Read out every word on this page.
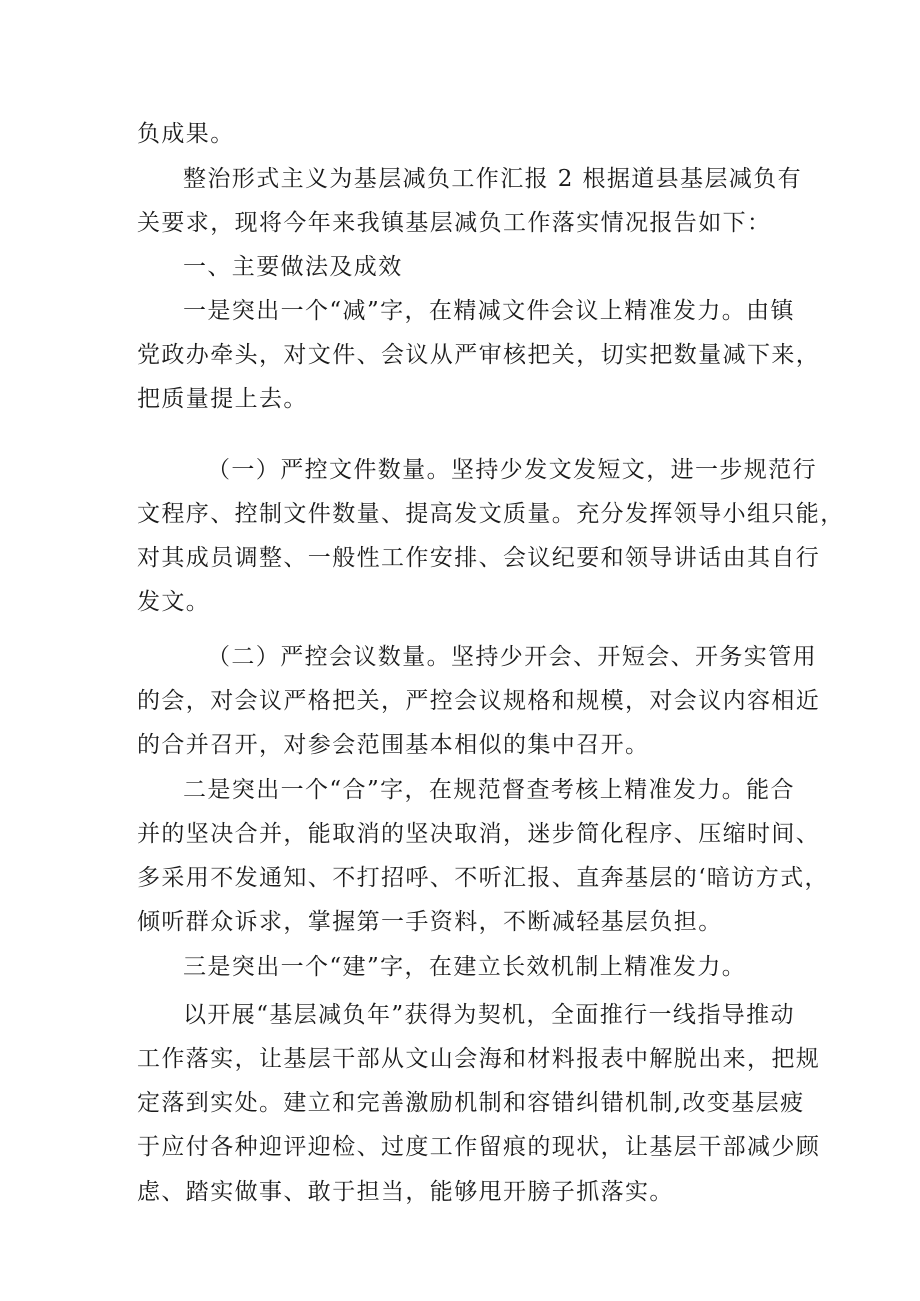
负成果。
整治形式主义为基层减负工作汇报 2 根据道县基层减负有
关要求，现将今年来我镇基层减负工作落实情况报告如下：
一、主要做法及成效
一是突出一个“减”字，在精减文件会议上精准发力。由镇
党政办牵头，对文件、会议从严审核把关，切实把数量减下来，
把质量提上去。
（一）严控文件数量。坚持少发文发短文，进一步规范行
文程序、控制文件数量、提高发文质量。充分发挥领导小组只能，
对其成员调整、一般性工作安排、会议纪要和领导讲话由其自行
发文。
（二）严控会议数量。坚持少开会、开短会、开务实管用
的会，对会议严格把关，严控会议规格和规模，对会议内容相近
的合并召开，对参会范围基本相似的集中召开。
二是突出一个“合”字，在规范督查考核上精准发力。能合
并的坚决合并，能取消的坚决取消，迷步简化程序、压缩时间、
多采用不发通知、不打招呼、不听汇报、直奔基层的‘暗访方式，
倾听群众诉求，掌握第一手资料，不断减轻基层负担。
三是突出一个“建”字，在建立长效机制上精准发力。
以开展“基层减负年”获得为契机，全面推行一线指导推动
工作落实，让基层干部从文山会海和材料报表中解脱出来，把规
定落到实处。建立和完善激励机制和容错纠错机制,改变基层疲
于应付各种迎评迎检、过度工作留痕的现状，让基层干部减少顾
虑、踏实做事、敢于担当，能够甩开膀子抓落实。
